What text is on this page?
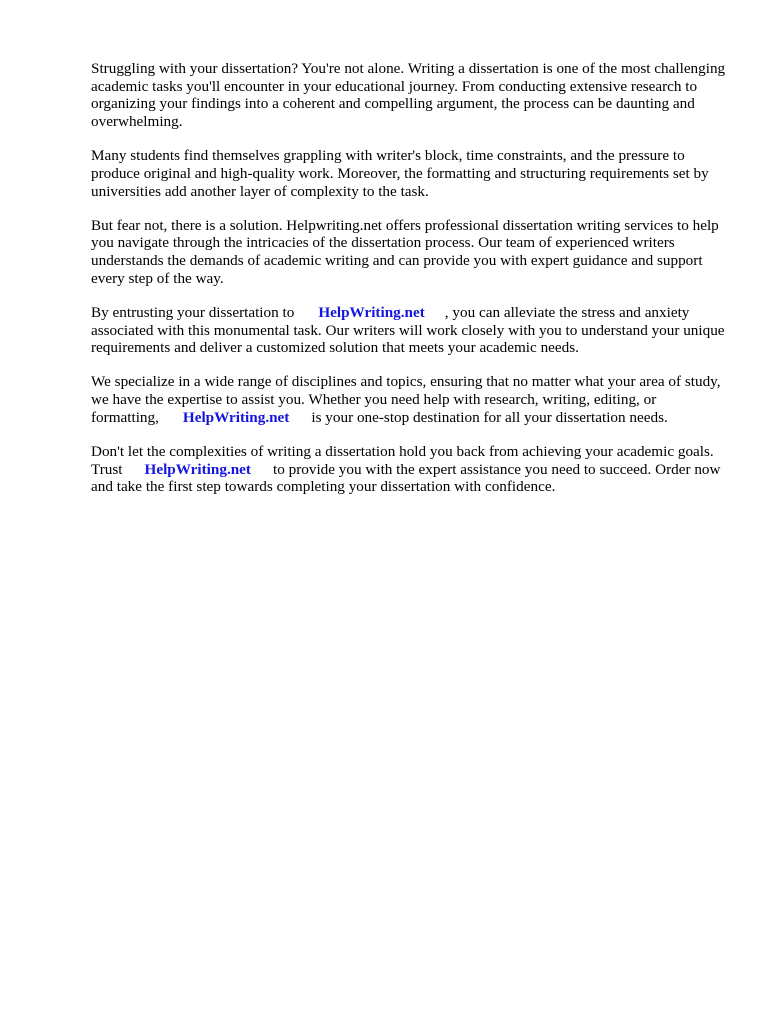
Struggling with your dissertation? You're not alone. Writing a dissertation is one of the most challenging academic tasks you'll encounter in your educational journey. From conducting extensive research to organizing your findings into a coherent and compelling argument, the process can be daunting and overwhelming.

Many students find themselves grappling with writer's block, time constraints, and the pressure to produce original and high-quality work. Moreover, the formatting and structuring requirements set by universities add another layer of complexity to the task.

But fear not, there is a solution. Helpwriting.net offers professional dissertation writing services to help you navigate through the intricacies of the dissertation process. Our team of experienced writers understands the demands of academic writing and can provide you with expert guidance and support every step of the way.

By entrusting your dissertation to HelpWriting.net , you can alleviate the stress and anxiety associated with this monumental task. Our writers will work closely with you to understand your unique requirements and deliver a customized solution that meets your academic needs.

We specialize in a wide range of disciplines and topics, ensuring that no matter what your area of study, we have the expertise to assist you. Whether you need help with research, writing, editing, or formatting, HelpWriting.net is your one-stop destination for all your dissertation needs.

Don't let the complexities of writing a dissertation hold you back from achieving your academic goals. Trust HelpWriting.net to provide you with the expert assistance you need to succeed. Order now and take the first step towards completing your dissertation with confidence.
